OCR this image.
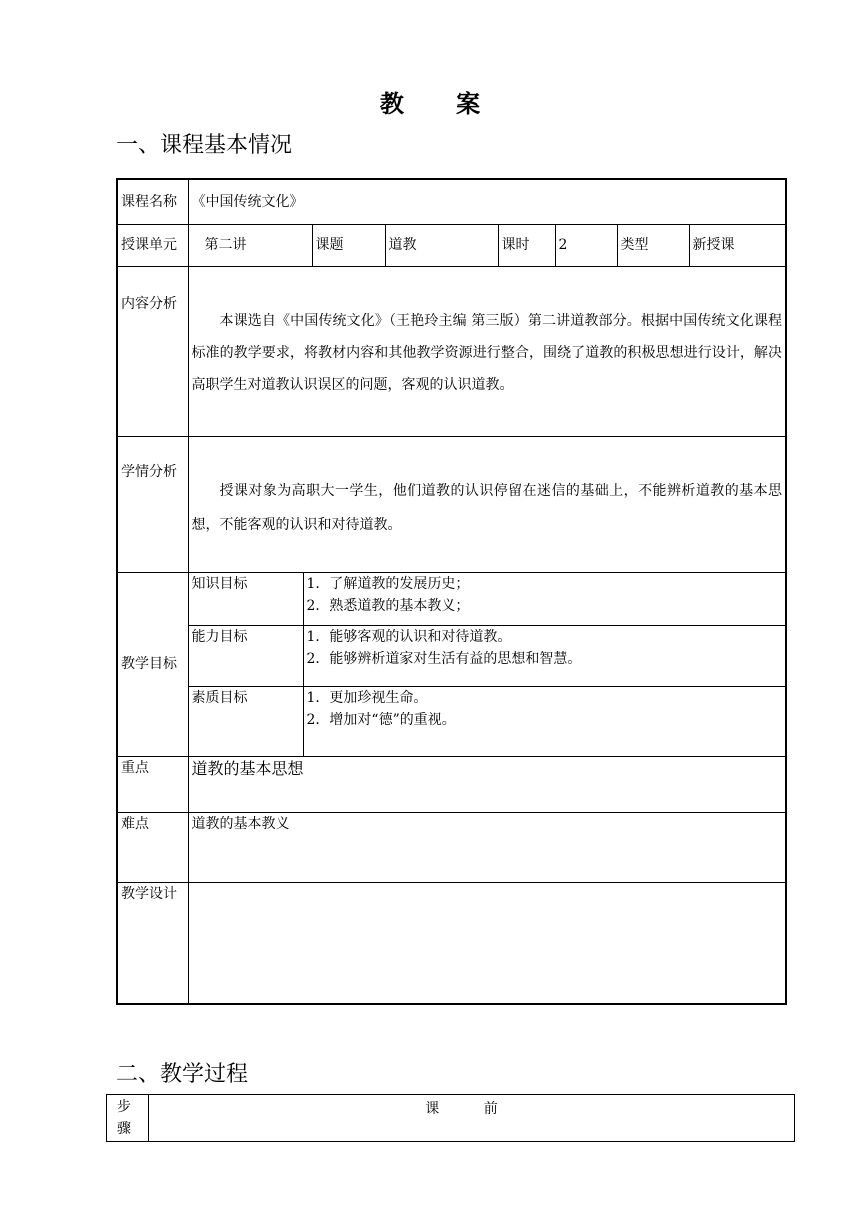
教 案
一、课程基本情况
课程名称	《中国传统文化》							
授课单元	第二讲		课题	道教	课时	2	类型	新授课
内容分析	本课选自《中国传统文化》（王艳玲主编 第三版）第二讲道教部分。根据中国传统文化课程标准的教学要求，将教材内容和其他教学资源进行整合，围绕了道教的积极思想进行设计，解决高职学生对道教认识误区的问题，客观的认识道教。							
学情分析	授课对象为高职大一学生，他们道教的认识停留在迷信的基础上，不能辨析道教的基本思想，不能客观的认识和对待道教。							
教学目标	知识目标	1．了解道教的发展历史；
2．熟悉道教的基本教义；						

	能力目标	1．能够客观的认识和对待道教。
2．能够辨析道家对生活有益的思想和智慧。						

	素质目标	1．更加珍视生命。
2．增加对“德”的重视。						

重点	道教的基本思想							
难点	道教的基本教义							
教学设计								
二、教学过程
步骤	课 前
